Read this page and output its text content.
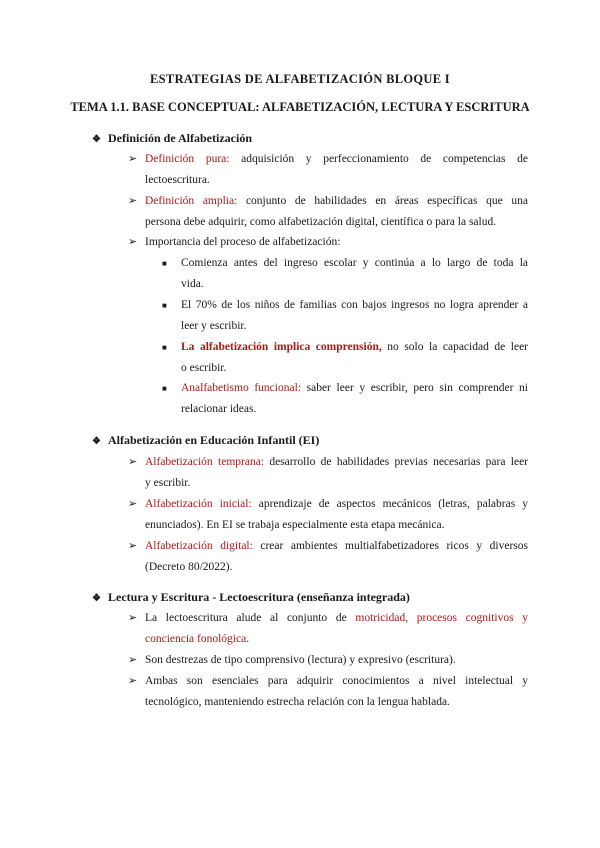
ESTRATEGIAS DE ALFABETIZACIÓN BLOQUE I
TEMA 1.1. BASE CONCEPTUAL: ALFABETIZACIÓN, LECTURA Y ESCRITURA
❖ Definición de Alfabetización
➢ Definición pura: adquisición y perfeccionamiento de competencias de
lectoescritura.
➢ Definición amplia: conjunto de habilidades en áreas específicas que una
persona debe adquirir, como alfabetización digital, científica o para la salud.
➢ Importancia del proceso de alfabetización:
■ Comienza antes del ingreso escolar y continúa a lo largo de toda la
vida.
■ El 70% de los niños de familias con bajos ingresos no logra aprender a
leer y escribir.
■ La alfabetización implica comprensión, no solo la capacidad de leer
o escribir.
■ Analfabetismo funcional: saber leer y escribir, pero sin comprender ni
relacionar ideas.
❖ Alfabetización en Educación Infantil (EI)
➢ Alfabetización temprana: desarrollo de habilidades previas necesarias para leer
y escribir.
➢ Alfabetización inicial: aprendizaje de aspectos mecánicos (letras, palabras y
enunciados). En EI se trabaja especialmente esta etapa mecánica.
➢ Alfabetización digital: crear ambientes multialfabetizadores ricos y diversos
(Decreto 80/2022).
❖ Lectura y Escritura - Lectoescritura (enseñanza integrada)
➢ La lectoescritura alude al conjunto de motricidad, procesos cognitivos y
conciencia fonológica.
➢ Son destrezas de tipo comprensivo (lectura) y expresivo (escritura).
➢ Ambas son esenciales para adquirir conocimientos a nivel intelectual y
tecnológico, manteniendo estrecha relación con la lengua hablada.
